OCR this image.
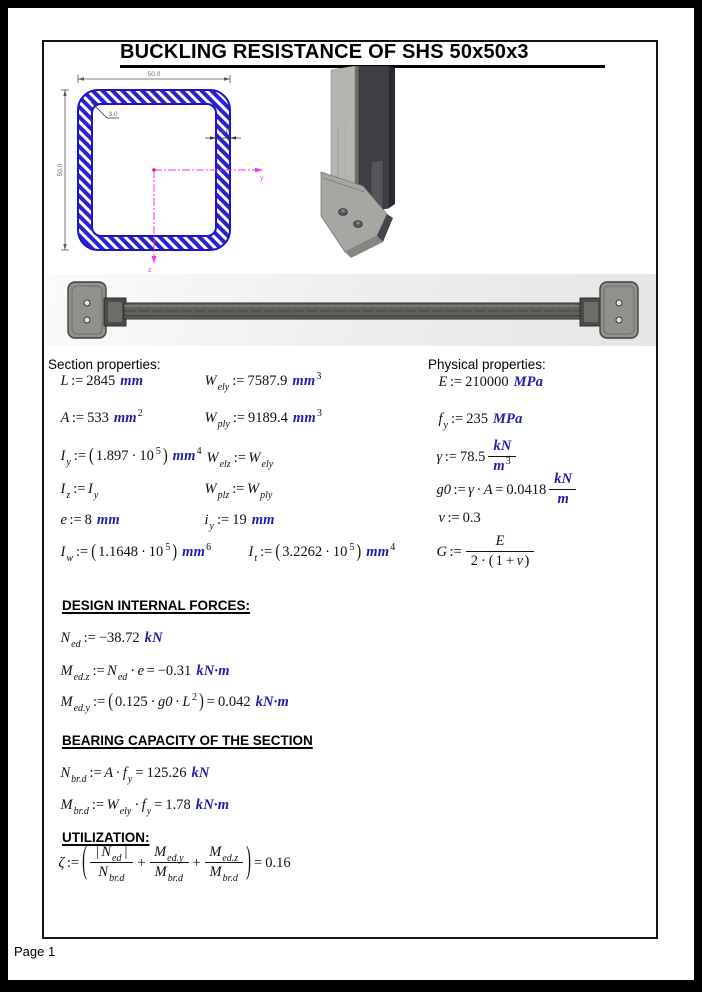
BUCKLING RESISTANCE OF SHS 50x50x3
50.0
50.0
3.0
3.0
y
z
Section properties:	Physical properties:
DESIGN INTERNAL FORCES:
BEARING CAPACITY OF THE SECTION
UTILIZATION:
Page 1
L := 2845 mm	W ely := 7587.9 mm 3	E := 210000 MPa
A := 533 mm 2	W ply := 9189.4 mm 3	f y := 235 MPa
I y := ( 1.897 · 10 5 ) mm 4 W elz := W ely	γ := 78.5
kN
m 3
I z := I y	W plz := W ply	g0 := γ · A = 0.0418
kN
m
e := 8 mm	i y := 19 mm	ν := 0.3
I w := ( 1.1648 · 10 5 ) mm 6	I t := ( 3.2262 · 10 5 ) mm 4	G := $\frac{E}{2 \cdot ( 1 + \nu )}$
N ed := −38.72 kN
M ed.z := N ed · e = −0.31 kN·m
M ed.y := ( 0.125 · g0 · L 2 ) = 0.042 kN·m
N br.d := A · f y = 125.26 kN
M br.d := W ely · f y = 1.78 kN·m
ζ := ( | N ed |
N br.d
+
M ed.y
M br.d
+
M ed.z
M br.d ) = 0.16
